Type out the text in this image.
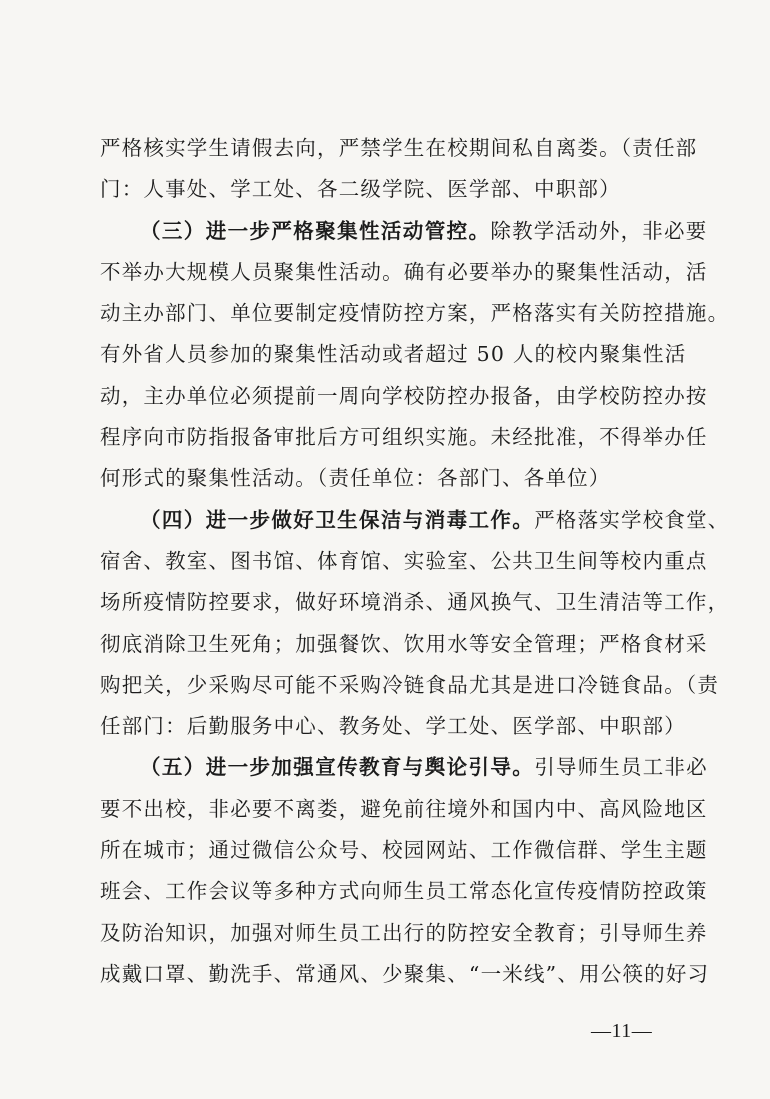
严格核实学生请假去向，严禁学生在校期间私自离娄。（责任部
门：人事处、学工处、各二级学院、医学部、中职部）
（三）进一步严格聚集性活动管控。除教学活动外，非必要
不举办大规模人员聚集性活动。确有必要举办的聚集性活动，活
动主办部门、单位要制定疫情防控方案，严格落实有关防控措施。
有外省人员参加的聚集性活动或者超过 50 人的校内聚集性活
动，主办单位必须提前一周向学校防控办报备，由学校防控办按
程序向市防指报备审批后方可组织实施。未经批准，不得举办任
何形式的聚集性活动。（责任单位：各部门、各单位）
（四）进一步做好卫生保洁与消毒工作。严格落实学校食堂、
宿舍、教室、图书馆、体育馆、实验室、公共卫生间等校内重点
场所疫情防控要求，做好环境消杀、通风换气、卫生清洁等工作，
彻底消除卫生死角；加强餐饮、饮用水等安全管理；严格食材采
购把关，少采购尽可能不采购冷链食品尤其是进口冷链食品。（责
任部门：后勤服务中心、教务处、学工处、医学部、中职部）
（五）进一步加强宣传教育与舆论引导。引导师生员工非必
要不出校，非必要不离娄，避免前往境外和国内中、高风险地区
所在城市；通过微信公众号、校园网站、工作微信群、学生主题
班会、工作会议等多种方式向师生员工常态化宣传疫情防控政策
及防治知识，加强对师生员工出行的防控安全教育；引导师生养
成戴口罩、勤洗手、常通风、少聚集、“一米线”、用公筷的好习
—11—
